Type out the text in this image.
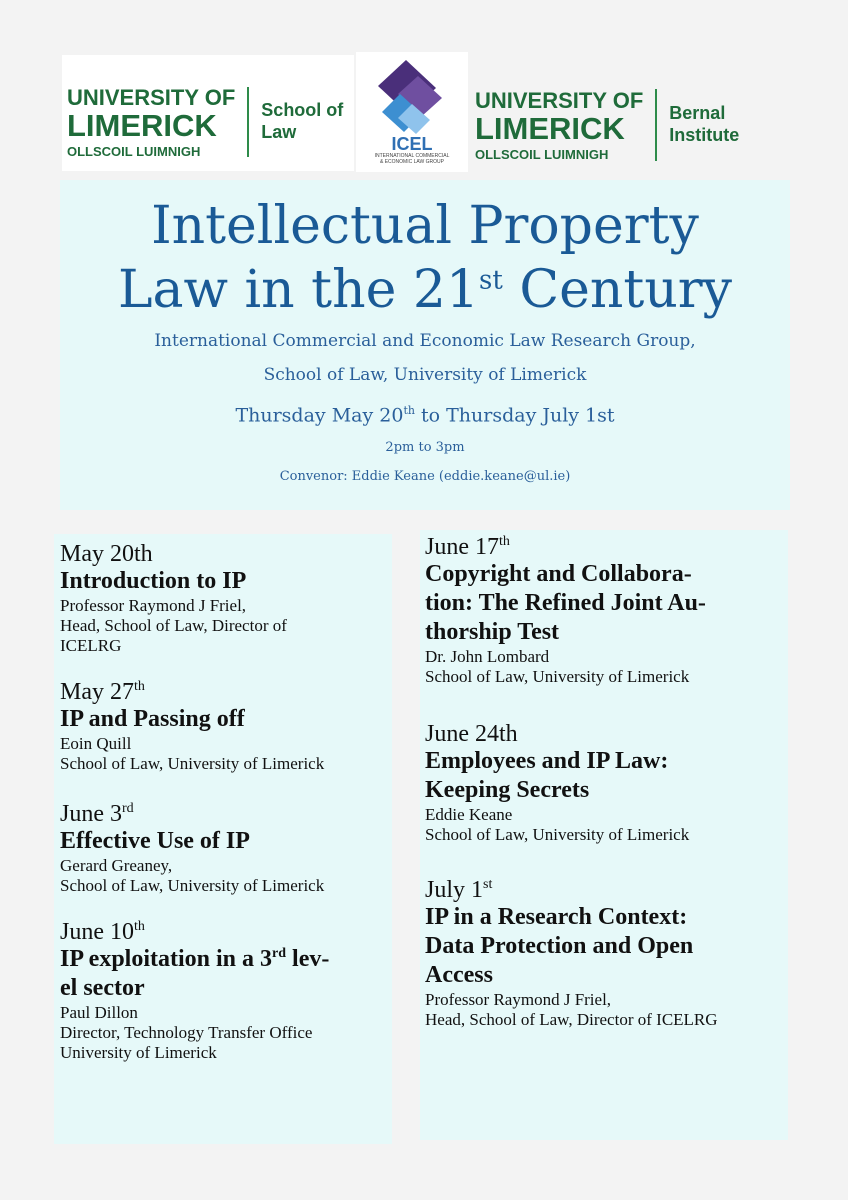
UNIVERSITY OF
LIMERICK
OLLSCOIL LUIMNIGH
School of
Law
ICEL
INTERNATIONAL COMMERCIAL
& ECONOMIC LAW GROUP
UNIVERSITY OF
LIMERICK
OLLSCOIL LUIMNIGH
Bernal
Institute
Intellectual Property
Law in the 21st Century

International Commercial and Economic Law Research Group,

School of Law, University of Limerick

Thursday May 20th to Thursday July 1st

2pm to 3pm

Convenor: Eddie Keane (eddie.keane@ul.ie)

May 20th
Introduction to IP
Professor Raymond J Friel,
Head, School of Law, Director of
ICELRG
May 27th
IP and Passing off
Eoin Quill
School of Law, University of Limerick
June 3rd
Effective Use of IP
Gerard Greaney,
School of Law, University of Limerick
June 10th
IP exploitation in a 3rd lev-
el sector
Paul Dillon
Director, Technology Transfer Office
University of Limerick
June 17th
Copyright and Collabora-
tion: The Refined Joint Au-
thorship Test
Dr. John Lombard
School of Law, University of Limerick
June 24th
Employees and IP Law:
Keeping Secrets
Eddie Keane
School of Law, University of Limerick
July 1st
IP in a Research Context:
Data Protection and Open
Access
Professor Raymond J Friel,
Head, School of Law, Director of ICELRG
